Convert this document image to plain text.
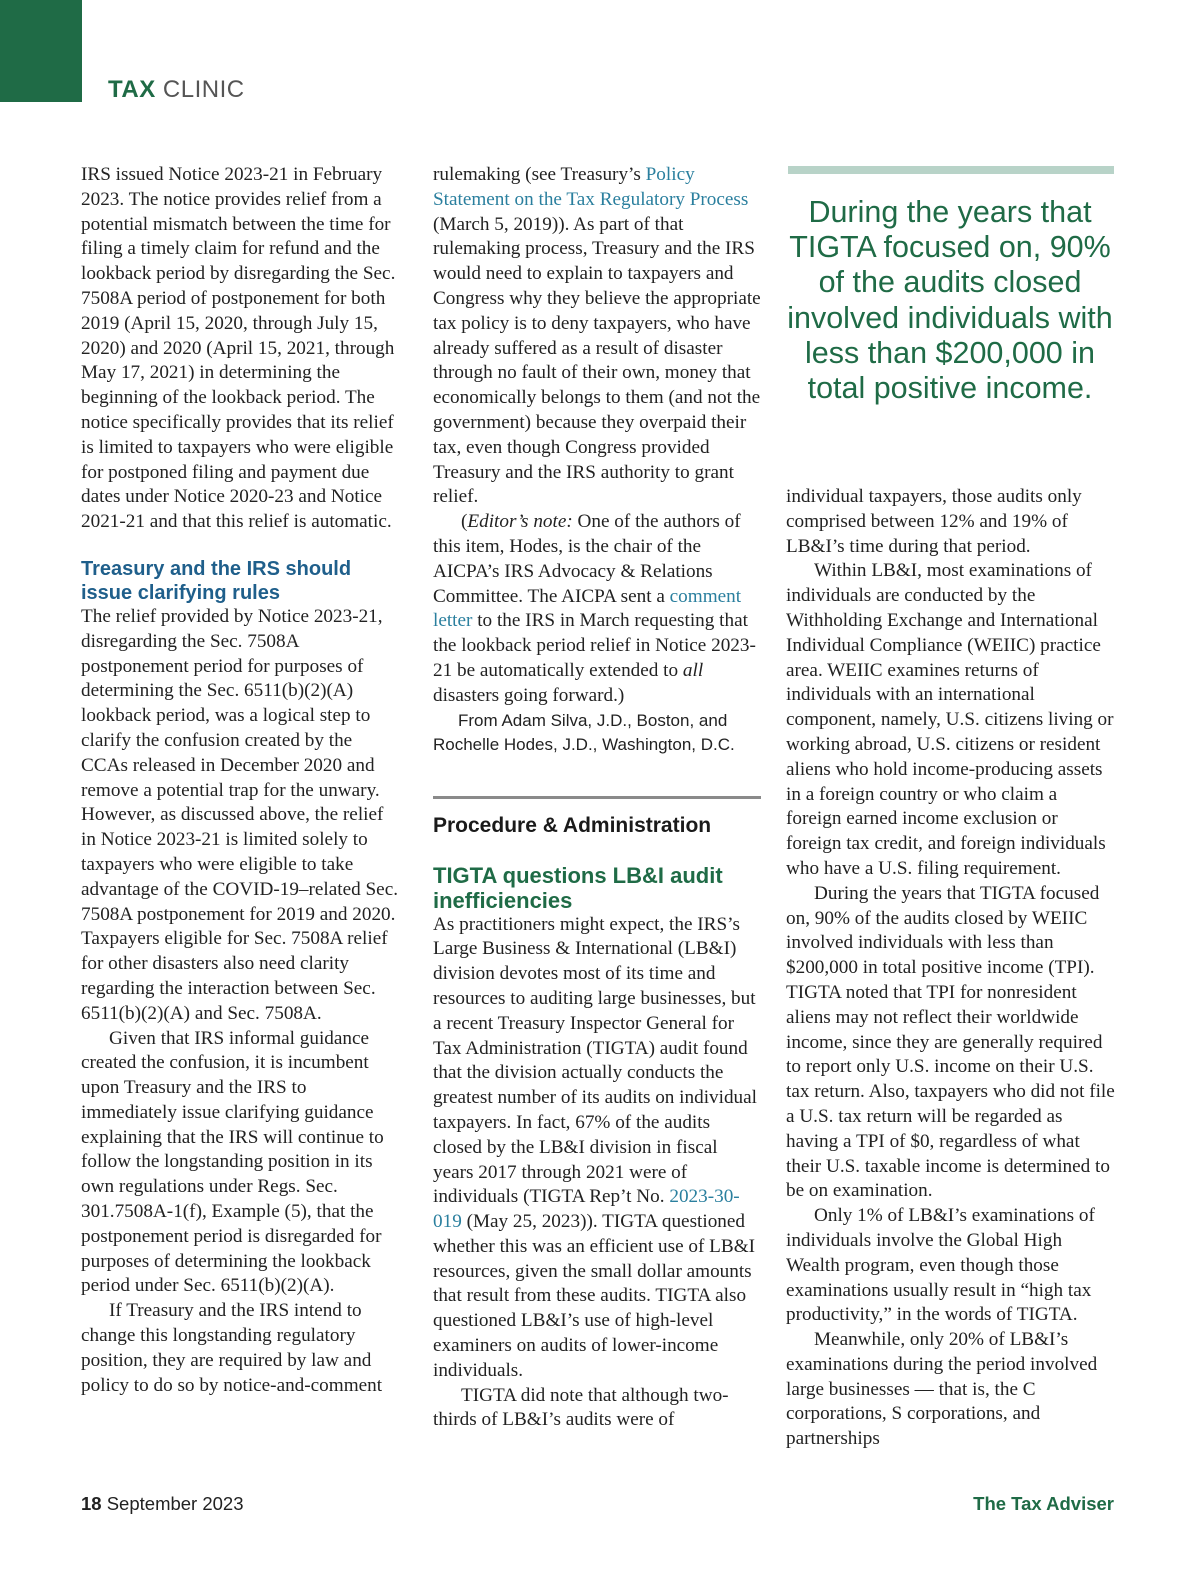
TAX CLINIC

IRS issued Notice 2023-21 in February 2023. The notice provides relief from a potential mismatch between the time for filing a timely claim for refund and the lookback period by disregarding the Sec. 7508A period of postponement for both 2019 (April 15, 2020, through July 15, 2020) and 2020 (April 15, 2021, through May 17, 2021) in determining the beginning of the lookback period. The notice specifically provides that its relief is limited to taxpayers who were eligible for postponed filing and payment due dates under Notice 2020-23 and Notice 2021-21 and that this relief is automatic.

Treasury and the IRS should issue clarifying rules

The relief provided by Notice 2023-21, disregarding the Sec. 7508A postponement period for purposes of determining the Sec. 6511(b)(2)(A) lookback period, was a logical step to clarify the confusion created by the CCAs released in December 2020 and remove a potential trap for the unwary. However, as discussed above, the relief in Notice 2023-21 is limited solely to taxpayers who were eligible to take advantage of the COVID-19–related Sec. 7508A postponement for 2019 and 2020. Taxpayers eligible for Sec. 7508A relief for other disasters also need clarity regarding the interaction between Sec. 6511(b)(2)(A) and Sec. 7508A.

Given that IRS informal guidance created the confusion, it is incumbent upon Treasury and the IRS to immediately issue clarifying guidance explaining that the IRS will continue to follow the longstanding position in its own regulations under Regs. Sec. 301.7508A-1(f), Example (5), that the postponement period is disregarded for purposes of determining the lookback period under Sec. 6511(b)(2)(A).

If Treasury and the IRS intend to change this longstanding regulatory position, they are required by law and policy to do so by notice-and-comment

rulemaking (see Treasury’s Policy Statement on the Tax Regulatory Process (March 5, 2019)). As part of that rulemaking process, Treasury and the IRS would need to explain to taxpayers and Congress why they believe the appropriate tax policy is to deny taxpayers, who have already suffered as a result of disaster through no fault of their own, money that economically belongs to them (and not the government) because they overpaid their tax, even though Congress provided Treasury and the IRS authority to grant relief.

(Editor’s note: One of the authors of this item, Hodes, is the chair of the AICPA’s IRS Advocacy & Relations Committee. The AICPA sent a comment letter to the IRS in March requesting that the lookback period relief in Notice 2023-21 be automatically extended to all disasters going forward.)

From Adam Silva, J.D., Boston, and
Rochelle Hodes, J.D., Washington, D.C.
Procedure & Administration
TIGTA questions LB&I audit inefficiencies

As practitioners might expect, the IRS’s Large Business & International (LB&I) division devotes most of its time and resources to auditing large businesses, but a recent Treasury Inspector General for Tax Administration (TIGTA) audit found that the division actually conducts the greatest number of its audits on individual taxpayers. In fact, 67% of the audits closed by the LB&I division in fiscal years 2017 through 2021 were of individuals (TIGTA Rep’t No. 2023-30-019 (May 25, 2023)). TIGTA questioned whether this was an efficient use of LB&I resources, given the small dollar amounts that result from these audits. TIGTA also questioned LB&I’s use of high-level examiners on audits of lower-income individuals.

TIGTA did note that although two-thirds of LB&I’s audits were of

During the years that TIGTA focused on, 90% of the audits closed involved individuals with less than $200,000 in total positive income.

individual taxpayers, those audits only comprised between 12% and 19% of LB&I’s time during that period.

Within LB&I, most examinations of individuals are conducted by the Withholding Exchange and International Individual Compliance (WEIIC) practice area. WEIIC examines returns of individuals with an international component, namely, U.S. citizens living or working abroad, U.S. citizens or resident aliens who hold income-producing assets in a foreign country or who claim a foreign earned income exclusion or foreign tax credit, and foreign individuals who have a U.S. filing requirement.

During the years that TIGTA focused on, 90% of the audits closed by WEIIC involved individuals with less than $200,000 in total positive income (TPI). TIGTA noted that TPI for nonresident aliens may not reflect their worldwide income, since they are generally required to report only U.S. income on their U.S. tax return. Also, taxpayers who did not file a U.S. tax return will be regarded as having a TPI of $0, regardless of what their U.S. taxable income is determined to be on examination.

Only 1% of LB&I’s examinations of individuals involve the Global High Wealth program, even though those examinations usually result in “high tax productivity,” in the words of TIGTA.

Meanwhile, only 20% of LB&I’s examinations during the period involved large businesses — that is, the C corporations, S corporations, and partnerships

18 September 2023	The Tax Adviser
